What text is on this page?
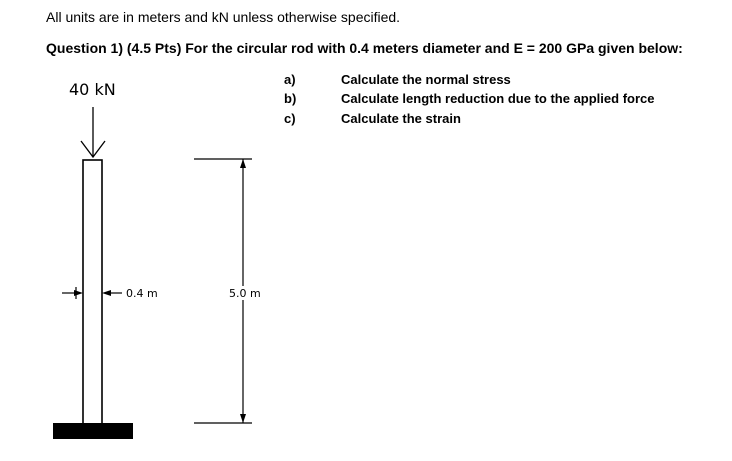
All units are in meters and kN unless otherwise specified.
Question 1) (4.5 Pts) For the circular rod with 0.4 meters diameter and E = 200 GPa given below:
a)	Calculate the normal stress
b)	Calculate length reduction due to the applied force
c)	Calculate the strain
40 kN
0.4 m	5.0 m
